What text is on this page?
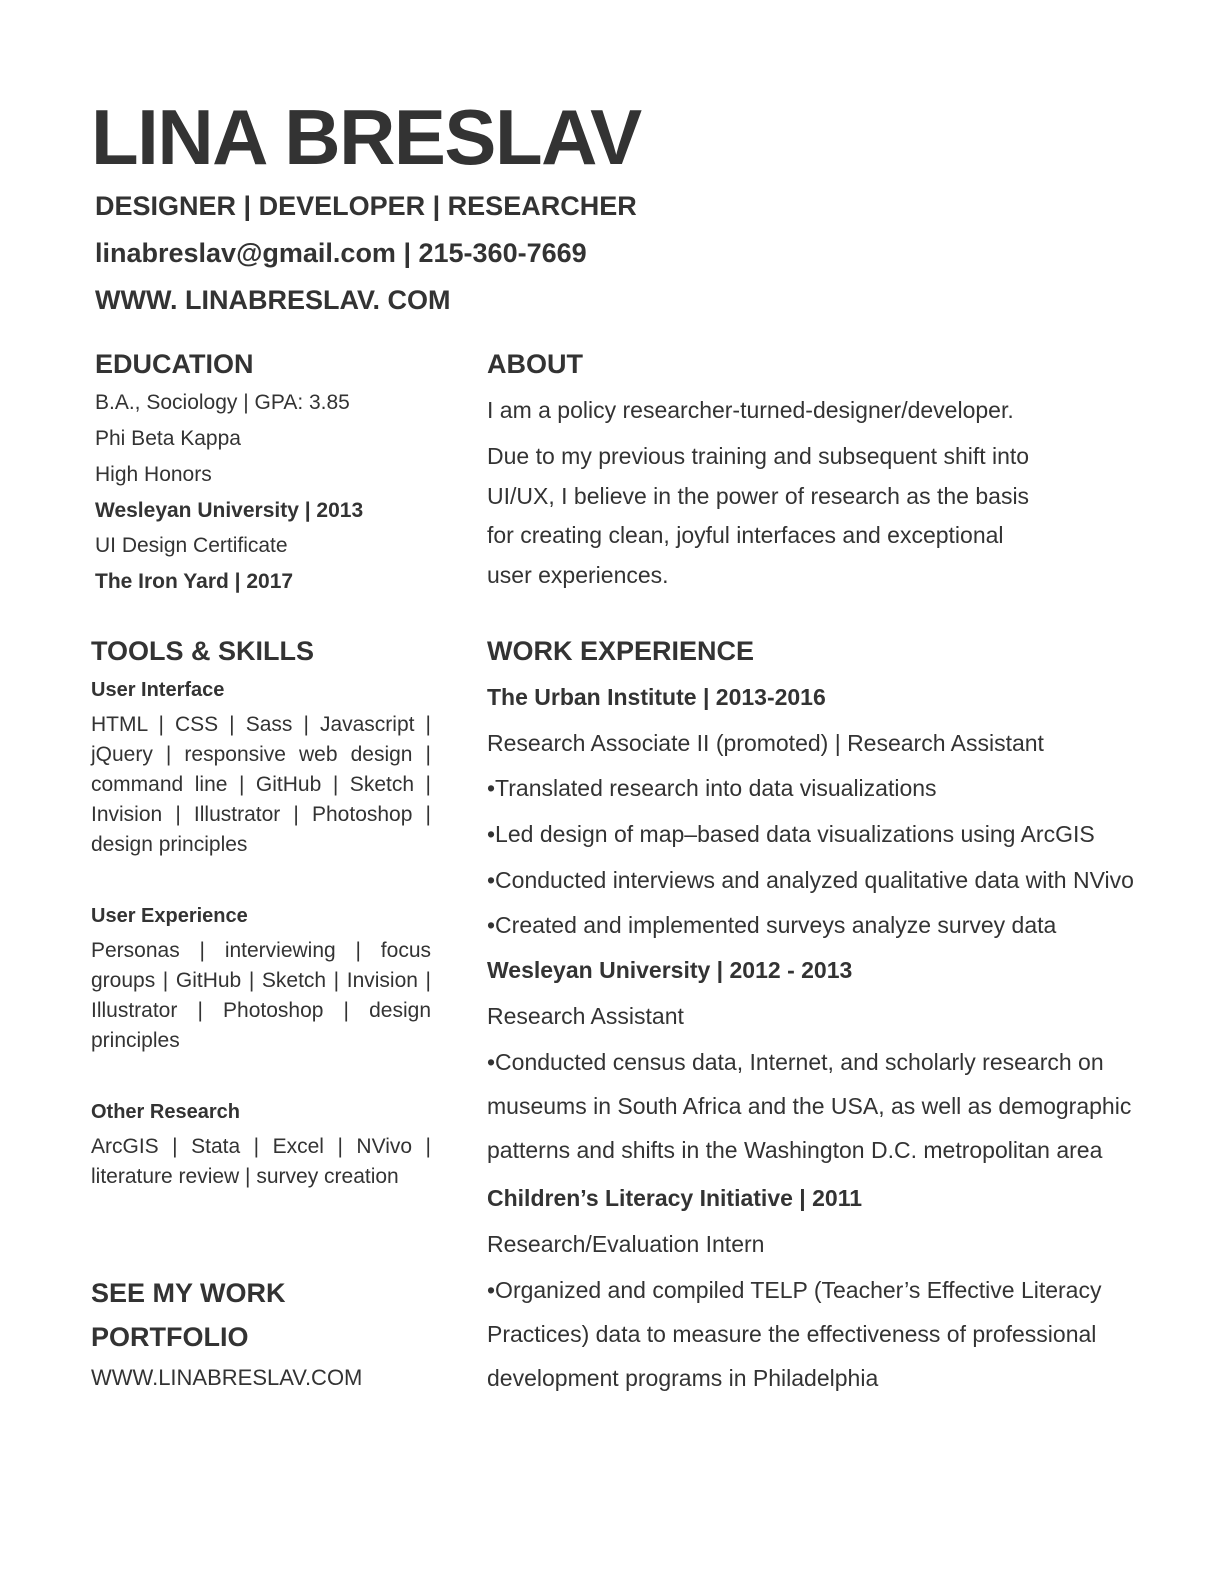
LINA BRESLAV
DESIGNER | DEVELOPER | RESEARCHER
linabreslav@gmail.com | 215-360-7669
WWW. LINABRESLAV. COM
EDUCATION
B.A., Sociology | GPA: 3.85
Phi Beta Kappa
High Honors
Wesleyan University | 2013
UI Design Certificate
The Iron Yard | 2017
TOOLS & SKILLS
User Interface
HTML | CSS | Sass | Javascript | jQuery | responsive web design | command line | GitHub | Sketch | Invision | Illustrator | Photoshop | design principles
User Experience
Personas | interviewing | focus groups | GitHub | Sketch | Invision | Illustrator | Photoshop | design principles
Other Research
ArcGIS | Stata | Excel | NVivo | literature review | survey creation
SEE MY WORK
PORTFOLIO
WWW.LINABRESLAV.COM
ABOUT
I am a policy researcher-turned-designer/developer.
Due to my previous training and subsequent shift into
UI/UX, I believe in the power of research as the basis
for creating clean, joyful interfaces and exceptional
user experiences.
WORK EXPERIENCE
The Urban Institute | 2013-2016
Research Associate II (promoted) | Research Assistant
•Translated research into data visualizations
•Led design of map–based data visualizations using ArcGIS
•Conducted interviews and analyzed qualitative data with NVivo
•Created and implemented surveys analyze survey data
Wesleyan University | 2012 - 2013
Research Assistant
•Conducted census data, Internet, and scholarly research on museums in South Africa and the USA, as well as demographic patterns and shifts in the Washington D.C. metropolitan area
Children’s Literacy Initiative | 2011
Research/Evaluation Intern
•Organized and compiled TELP (Teacher’s Effective Literacy Practices) data to measure the effectiveness of professional development programs in Philadelphia
